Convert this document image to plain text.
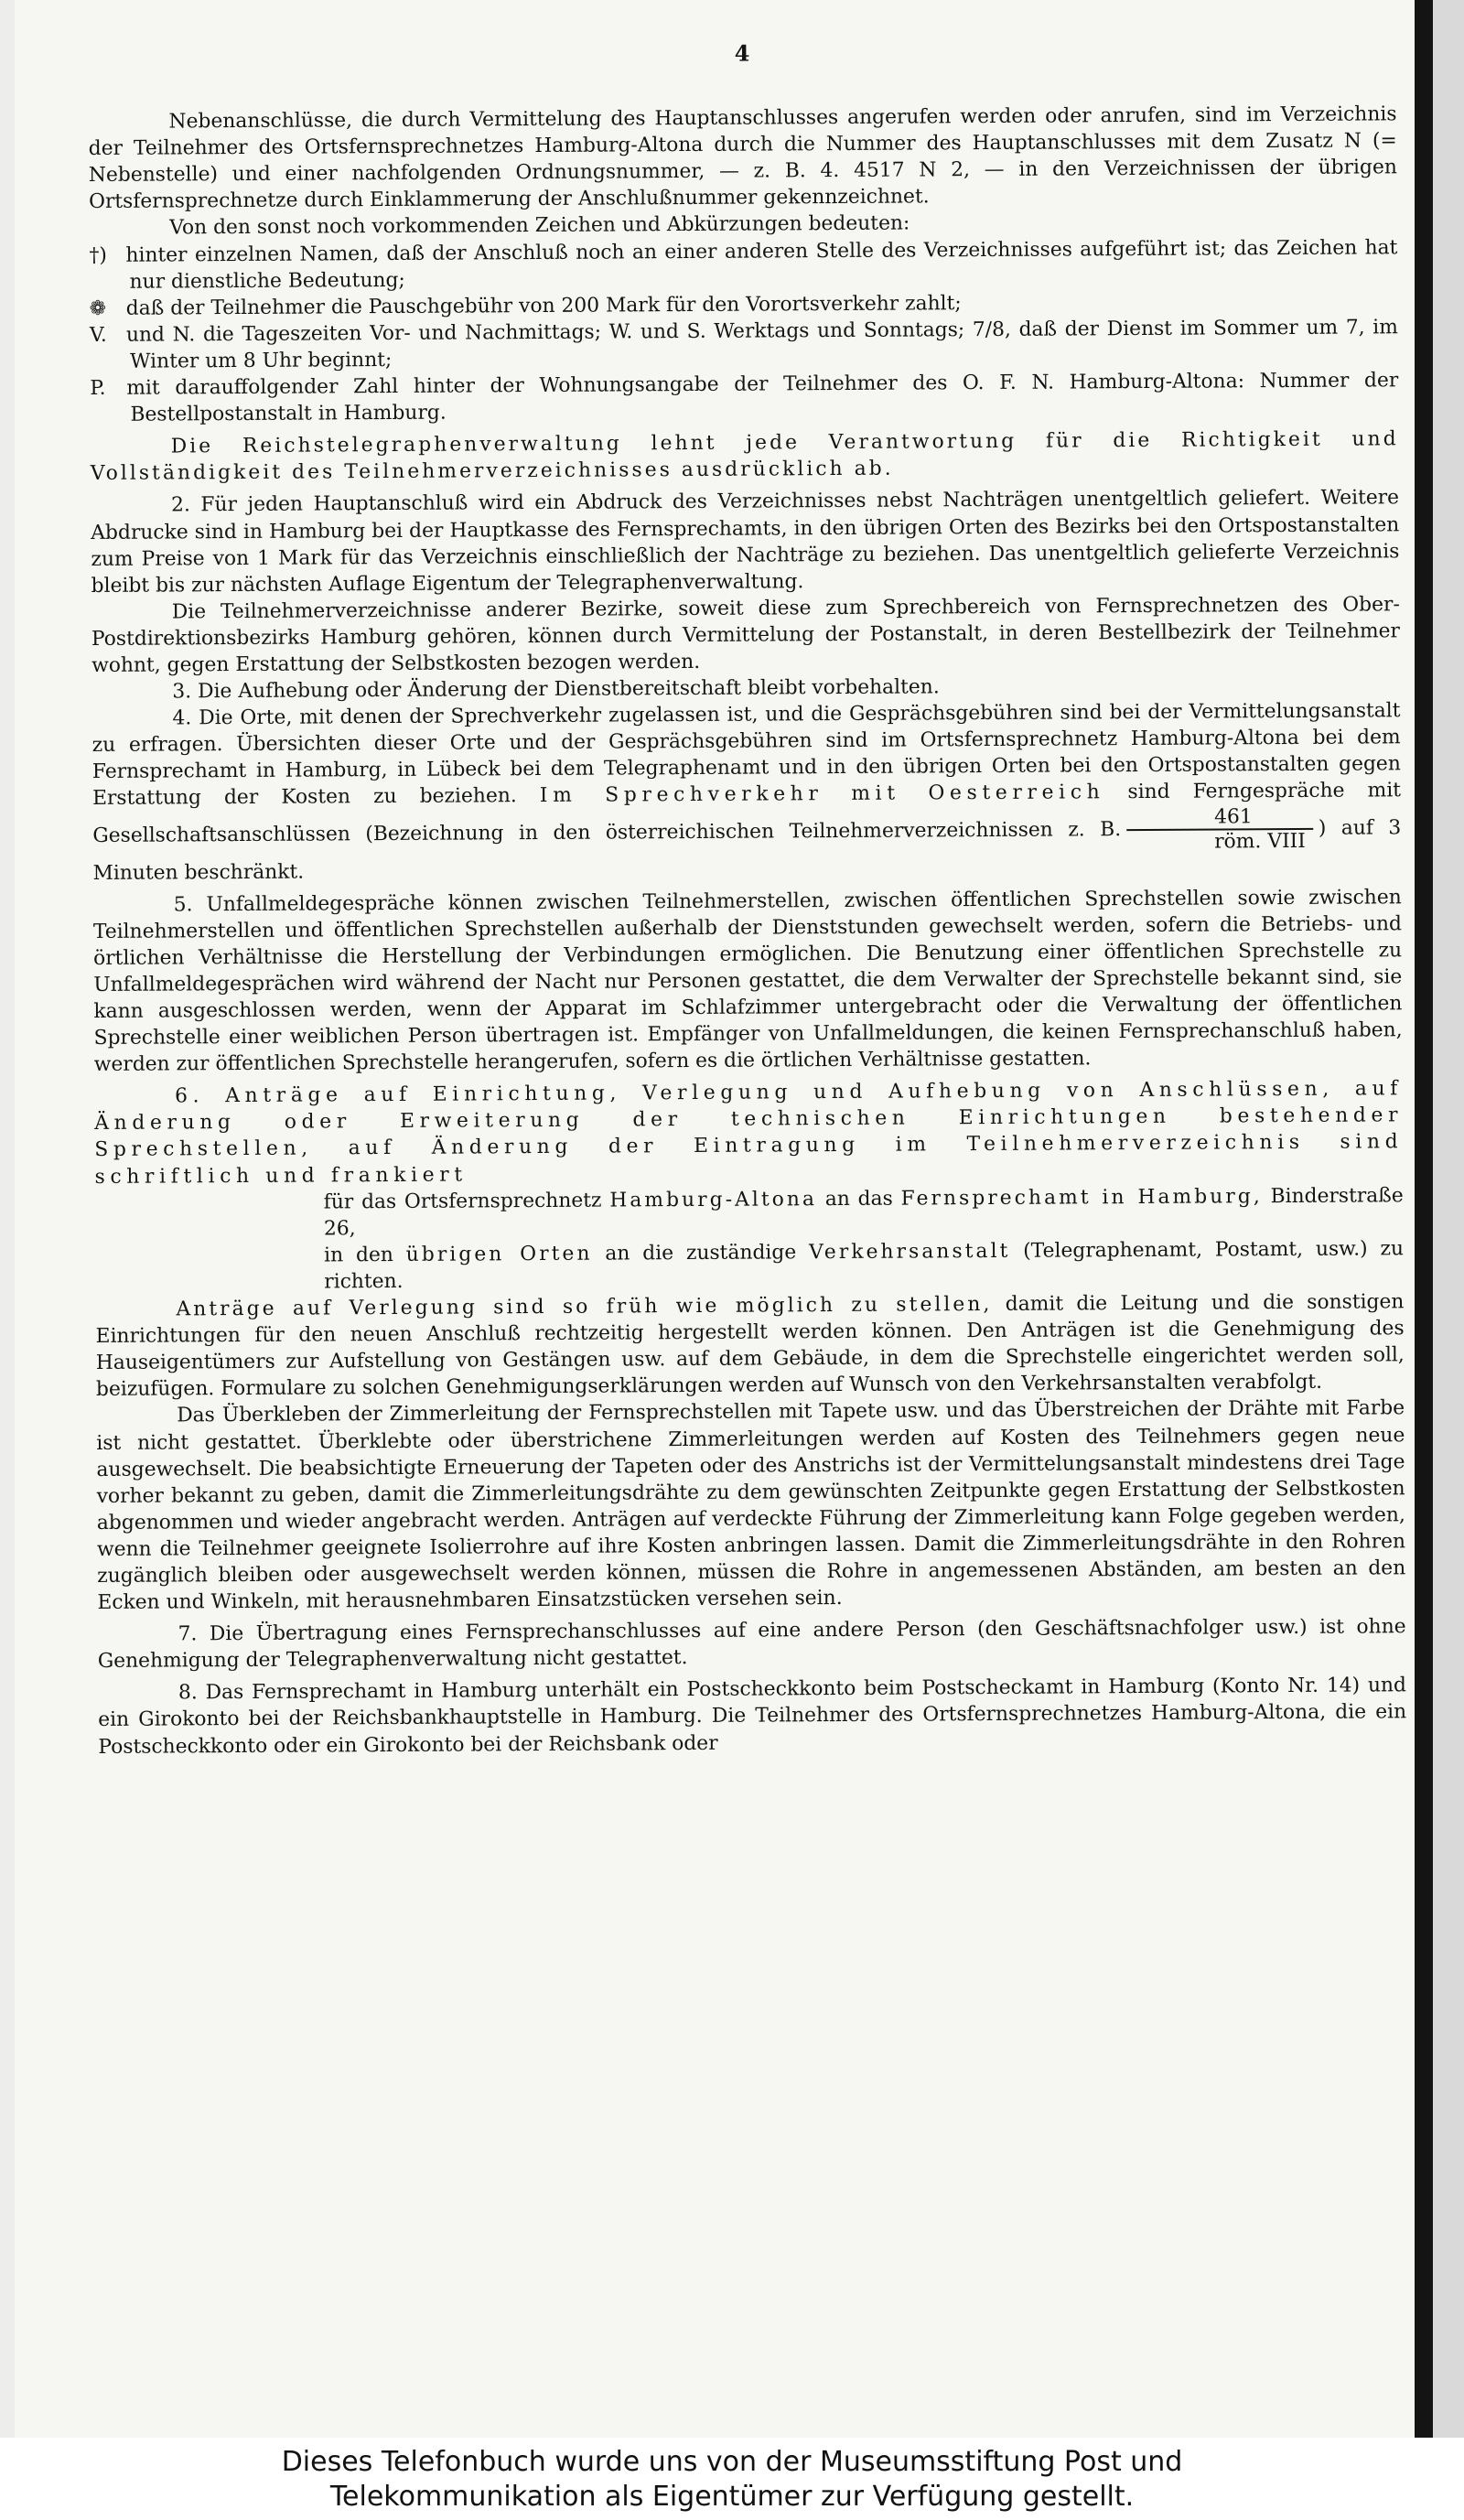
4

Nebenanschlüsse, die durch Vermittelung des Hauptanschlusses angerufen werden oder anrufen, sind im Verzeichnis der Teilnehmer des Ortsfernsprechnetzes Hamburg-Altona durch die Nummer des Hauptanschlusses mit dem Zusatz N (= Nebenstelle) und einer nachfolgenden Ordnungsnummer, — z. B. 4. 4517 N 2, — in den Verzeichnissen der übrigen Ortsfernsprechnetze durch Einklammerung der Anschlußnummer gekennzeichnet.

Von den sonst noch vorkommenden Zeichen und Abkürzungen bedeuten:

†) hinter einzelnen Namen, daß der Anschluß noch an einer anderen Stelle des Verzeichnisses aufgeführt ist; das Zeichen hat nur dienstliche Bedeutung;

❁ daß der Teilnehmer die Pauschgebühr von 200 Mark für den Vorortsverkehr zahlt;

V. und N. die Tageszeiten Vor- und Nachmittags; W. und S. Werktags und Sonntags; 7/8, daß der Dienst im Sommer um 7, im Winter um 8 Uhr beginnt;

P. mit darauffolgender Zahl hinter der Wohnungsangabe der Teilnehmer des O. F. N. Hamburg-Altona: Nummer der Bestellpostanstalt in Hamburg.

Die Reichstelegraphenverwaltung lehnt jede Verantwortung für die Richtigkeit und Vollständigkeit des Teilnehmerverzeichnisses ausdrücklich ab.

2. Für jeden Hauptanschluß wird ein Abdruck des Verzeichnisses nebst Nachträgen unentgeltlich geliefert. Weitere Abdrucke sind in Hamburg bei der Hauptkasse des Fernsprechamts, in den übrigen Orten des Bezirks bei den Ortspostanstalten zum Preise von 1 Mark für das Verzeichnis einschließlich der Nachträge zu beziehen. Das unentgeltlich gelieferte Verzeichnis bleibt bis zur nächsten Auflage Eigentum der Telegraphenverwaltung.

Die Teilnehmerverzeichnisse anderer Bezirke, soweit diese zum Sprechbereich von Fernsprechnetzen des Ober-Postdirektionsbezirks Hamburg gehören, können durch Vermittelung der Postanstalt, in deren Bestellbezirk der Teilnehmer wohnt, gegen Erstattung der Selbstkosten bezogen werden.

3. Die Aufhebung oder Änderung der Dienstbereitschaft bleibt vorbehalten.

4. Die Orte, mit denen der Sprechverkehr zugelassen ist, und die Gesprächsgebühren sind bei der Vermittelungsanstalt zu erfragen. Übersichten dieser Orte und der Gesprächsgebühren sind im Ortsfernsprechnetz Hamburg-Altona bei dem Fernsprechamt in Hamburg, in Lübeck bei dem Telegraphenamt und in den übrigen Orten bei den Ortspostanstalten gegen Erstattung der Kosten zu beziehen. Im Sprechverkehr mit Oesterreich sind Ferngespräche mit Gesellschaftsanschlüssen (Bezeichnung in den österreichischen Teilnehmerverzeichnissen z. B. $\frac{461}{\text{röm. VIII}}$ ) auf 3 Minuten beschränkt.

5. Unfallmeldegespräche können zwischen Teilnehmerstellen, zwischen öffentlichen Sprechstellen sowie zwischen Teilnehmerstellen und öffentlichen Sprechstellen außerhalb der Dienststunden gewechselt werden, sofern die Betriebs- und örtlichen Verhältnisse die Herstellung der Verbindungen ermöglichen. Die Benutzung einer öffentlichen Sprechstelle zu Unfallmeldegesprächen wird während der Nacht nur Personen gestattet, die dem Verwalter der Sprechstelle bekannt sind, sie kann ausgeschlossen werden, wenn der Apparat im Schlafzimmer untergebracht oder die Verwaltung der öffentlichen Sprechstelle einer weiblichen Person übertragen ist. Empfänger von Unfallmeldungen, die keinen Fernsprechanschluß haben, werden zur öffentlichen Sprechstelle herangerufen, sofern es die örtlichen Verhältnisse gestatten.

6. Anträge auf Einrichtung, Verlegung und Aufhebung von Anschlüssen, auf Änderung oder Erweiterung der technischen Einrichtungen bestehender Sprechstellen, auf Änderung der Eintragung im Teilnehmerverzeichnis sind schriftlich und frankiert

für das Ortsfernsprechnetz Hamburg-Altona an das Fernsprechamt in Hamburg, Binderstraße 26,

in den übrigen Orten an die zuständige Verkehrsanstalt (Telegraphenamt, Postamt, usw.) zu richten.

Anträge auf Verlegung sind so früh wie möglich zu stellen, damit die Leitung und die sonstigen Einrichtungen für den neuen Anschluß rechtzeitig hergestellt werden können. Den Anträgen ist die Genehmigung des Hauseigentümers zur Aufstellung von Gestängen usw. auf dem Gebäude, in dem die Sprechstelle eingerichtet werden soll, beizufügen. Formulare zu solchen Genehmigungserklärungen werden auf Wunsch von den Verkehrsanstalten verabfolgt.

Das Überkleben der Zimmerleitung der Fernsprechstellen mit Tapete usw. und das Überstreichen der Drähte mit Farbe ist nicht gestattet. Überklebte oder überstrichene Zimmerleitungen werden auf Kosten des Teilnehmers gegen neue ausgewechselt. Die beabsichtigte Erneuerung der Tapeten oder des Anstrichs ist der Vermittelungsanstalt mindestens drei Tage vorher bekannt zu geben, damit die Zimmerleitungsdrähte zu dem gewünschten Zeitpunkte gegen Erstattung der Selbstkosten abgenommen und wieder angebracht werden. Anträgen auf verdeckte Führung der Zimmerleitung kann Folge gegeben werden, wenn die Teilnehmer geeignete Isolierrohre auf ihre Kosten anbringen lassen. Damit die Zimmerleitungsdrähte in den Rohren zugänglich bleiben oder ausgewechselt werden können, müssen die Rohre in angemessenen Abständen, am besten an den Ecken und Winkeln, mit herausnehmbaren Einsatzstücken versehen sein.

7. Die Übertragung eines Fernsprechanschlusses auf eine andere Person (den Geschäftsnachfolger usw.) ist ohne Genehmigung der Telegraphenverwaltung nicht gestattet.

8. Das Fernsprechamt in Hamburg unterhält ein Postscheckkonto beim Postscheckamt in Hamburg (Konto Nr. 14) und ein Girokonto bei der Reichsbankhauptstelle in Hamburg. Die Teilnehmer des Ortsfernsprechnetzes Hamburg-Altona, die ein Postscheckkonto oder ein Girokonto bei der Reichsbank oder

Dieses Telefonbuch wurde uns von der Museumsstiftung Post und
Telekommunikation als Eigentümer zur Verfügung gestellt.
